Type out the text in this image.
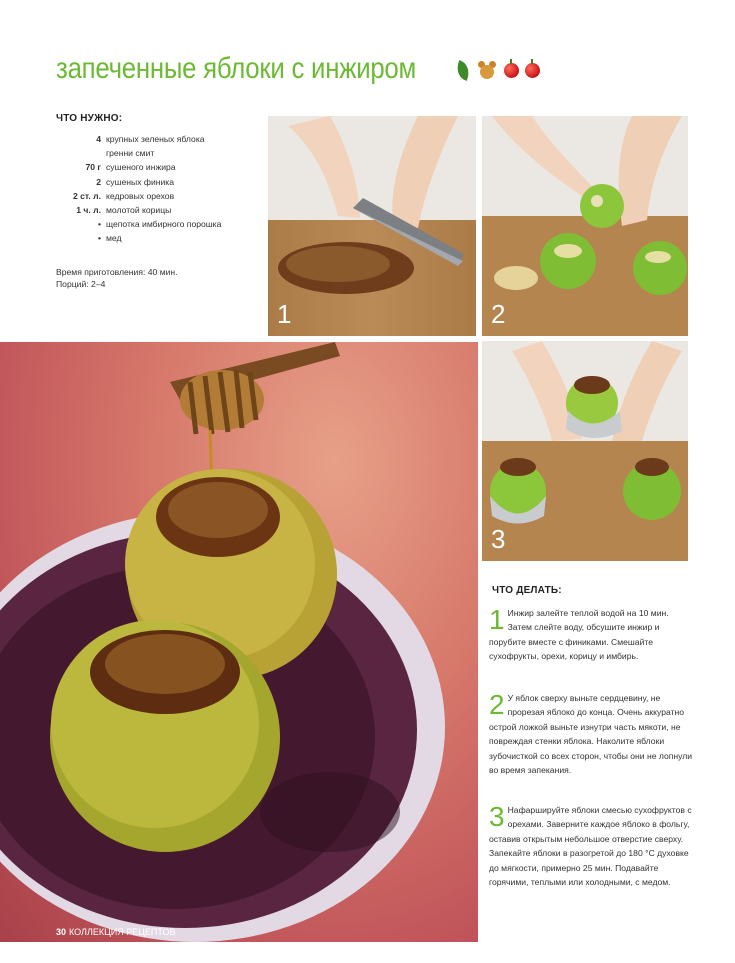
запеченные яблоки с инжиром
ЧТО НУЖНО:
4 крупных зеленых яблока
гренни смит
70 г сушеного инжира
2 сушеных финика
2 ст. л. кедровых орехов
1 ч. л. молотой корицы
• щепотка имбирного порошка
• мед
Время приготовления: 40 мин.
Порций: 2–4
1	2
3
ЧТО ДЕЛАТЬ:
1 Инжир залейте теплой водой на 10 мин. Затем слейте воду, обсушите инжир и порубите вместе с финиками. Смешайте сухофрукты, орехи, корицу и имбирь.
2 У яблок сверху выньте сердцевину, не прорезая яблоко до конца. Очень аккуратно острой ложкой выньте изнутри часть мякоти, не повреждая стенки яблока. Наколите яблоки зубочисткой со всех сторон, чтобы они не лопнули во время запекания.
3 Нафаршируйте яблоки смесью сухофруктов с орехами. Заверните каждое яблоко в фольгу, оставив открытым небольшое отверстие сверху. Запекайте яблоки в разогретой до 180 °С духовке до мягкости, примерно 25 мин. Подавайте горячими, теплыми или холодными, с медом.
30 КОЛЛЕКЦИЯ РЕЦЕПТОВ
